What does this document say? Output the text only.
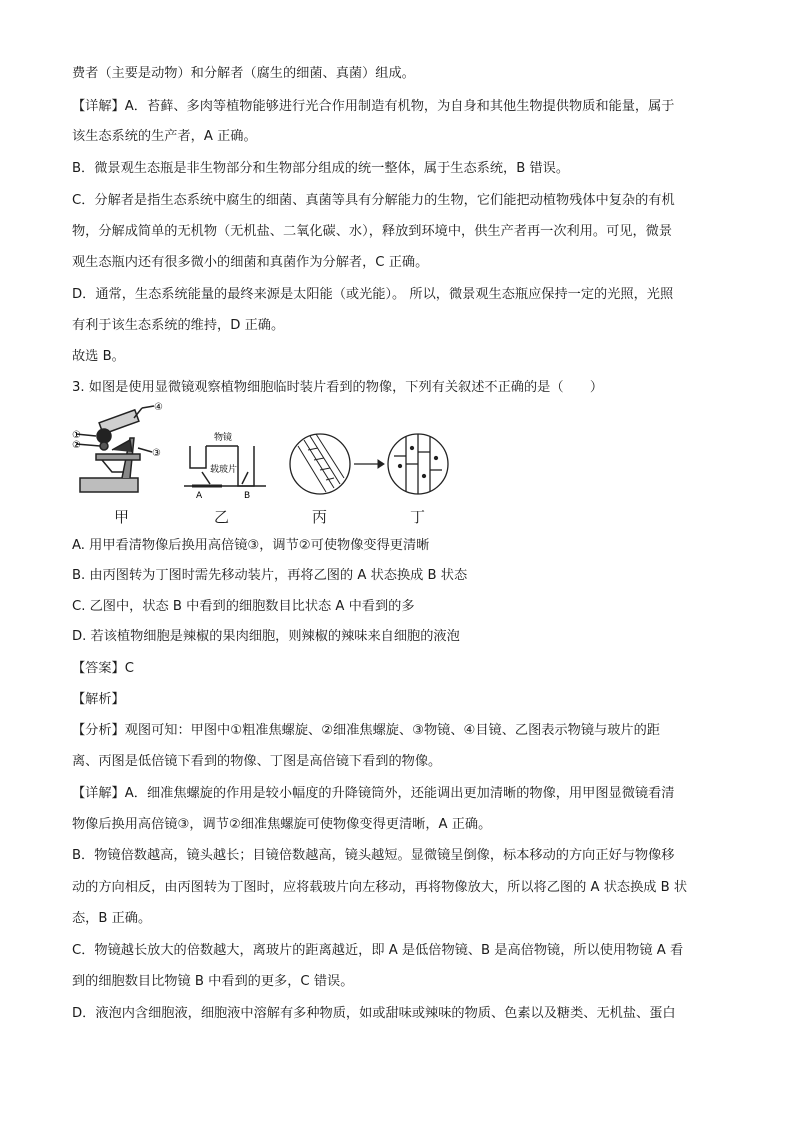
费者（主要是动物）和分解者（腐生的细菌、真菌）组成。
【详解】A．苔藓、多肉等植物能够进行光合作用制造有机物，为自身和其他生物提供物质和能量，属于
该生态系统的生产者，A 正确。
B．微景观生态瓶是非生物部分和生物部分组成的统一整体，属于生态系统，B 错误。
C．分解者是指生态系统中腐生的细菌、真菌等具有分解能力的生物，它们能把动植物残体中复杂的有机
物，分解成简单的无机物（无机盐、二氧化碳、水），释放到环境中，供生产者再一次利用。可见，微景
观生态瓶内还有很多微小的细菌和真菌作为分解者，C 正确。
D．通常，生态系统能量的最终来源是太阳能（或光能）。 所以，微景观生态瓶应保持一定的光照，光照
有利于该生态系统的维持，D 正确。
故选 B。
3. 如图是使用显微镜观察植物细胞临时装片看到的物像，下列有关叙述不正确的是（　　）
①
②
③
④
物镜
载玻片
A	B
甲	乙	丙	丁
A. 用甲看清物像后换用高倍镜③，调节②可使物像变得更清晰
B. 由丙图转为丁图时需先移动装片，再将乙图的 A 状态换成 B 状态
C. 乙图中，状态 B 中看到的细胞数目比状态 A 中看到的多
D. 若该植物细胞是辣椒的果肉细胞，则辣椒的辣味来自细胞的液泡
【答案】C
【解析】
【分析】观图可知：甲图中①粗准焦螺旋、②细准焦螺旋、③物镜、④目镜、乙图表示物镜与玻片的距
离、丙图是低倍镜下看到的物像、丁图是高倍镜下看到的物像。
【详解】A．细准焦螺旋的作用是较小幅度的升降镜筒外，还能调出更加清晰的物像，用甲图显微镜看清
物像后换用高倍镜③，调节②细准焦螺旋可使物像变得更清晰，A 正确。
B．物镜倍数越高，镜头越长；目镜倍数越高，镜头越短。显微镜呈倒像，标本移动的方向正好与物像移
动的方向相反，由丙图转为丁图时，应将载玻片向左移动，再将物像放大，所以将乙图的 A 状态换成 B 状
态，B 正确。
C．物镜越长放大的倍数越大，离玻片的距离越近，即 A 是低倍物镜、B 是高倍物镜，所以使用物镜 A 看
到的细胞数目比物镜 B 中看到的更多，C 错误。
D．液泡内含细胞液，细胞液中溶解有多种物质，如或甜味或辣味的物质、色素以及糖类、无机盐、蛋白
